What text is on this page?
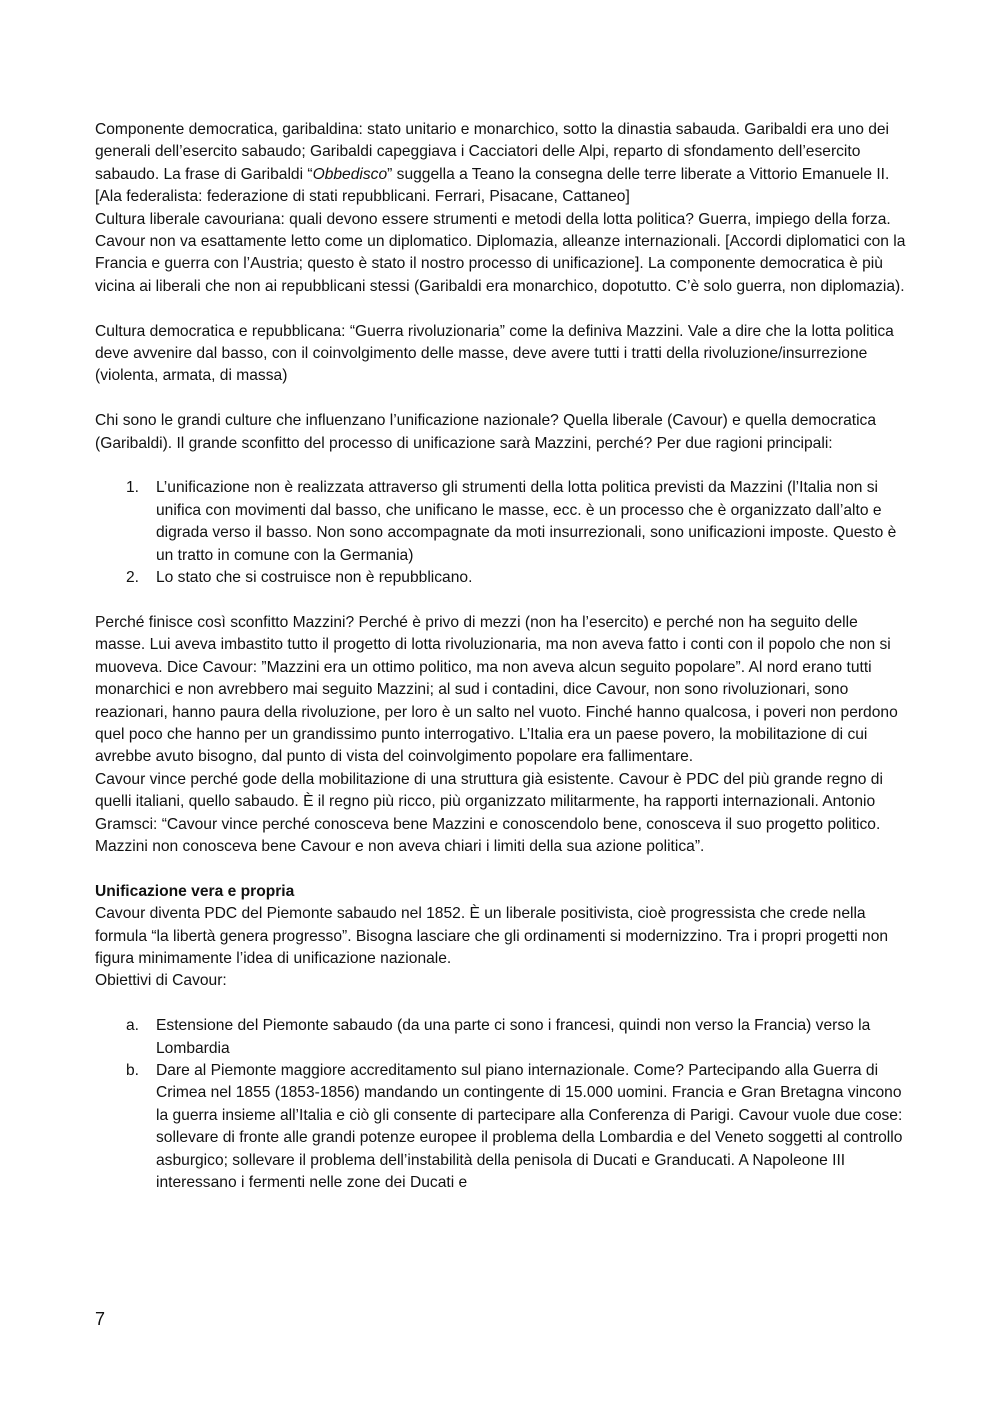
Componente democratica, garibaldina: stato unitario e monarchico, sotto la dinastia sabauda. Garibaldi era uno dei generali dell’esercito sabaudo; Garibaldi capeggiava i Cacciatori delle Alpi, reparto di sfondamento dell’esercito sabaudo. La frase di Garibaldi “Obbedisco” suggella a Teano la consegna delle terre liberate a Vittorio Emanuele II. [Ala federalista: federazione di stati repubblicani. Ferrari, Pisacane, Cattaneo]

Cultura liberale cavouriana: quali devono essere strumenti e metodi della lotta politica? Guerra, impiego della forza. Cavour non va esattamente letto come un diplomatico. Diplomazia, alleanze internazionali. [Accordi diplomatici con la Francia e guerra con l’Austria; questo è stato il nostro processo di unificazione]. La componente democratica è più vicina ai liberali che non ai repubblicani stessi (Garibaldi era monarchico, dopotutto. C’è solo guerra, non diplomazia).

Cultura democratica e repubblicana: “Guerra rivoluzionaria” come la definiva Mazzini. Vale a dire che la lotta politica deve avvenire dal basso, con il coinvolgimento delle masse, deve avere tutti i tratti della rivoluzione/insurrezione (violenta, armata, di massa)

Chi sono le grandi culture che influenzano l’unificazione nazionale? Quella liberale (Cavour) e quella democratica (Garibaldi). Il grande sconfitto del processo di unificazione sarà Mazzini, perché? Per due ragioni principali:

1. L’unificazione non è realizzata attraverso gli strumenti della lotta politica previsti da Mazzini (l’Italia non si unifica con movimenti dal basso, che unificano le masse, ecc. è un processo che è organizzato dall’alto e digrada verso il basso. Non sono accompagnate da moti insurrezionali, sono unificazioni imposte. Questo è un tratto in comune con la Germania)
2. Lo stato che si costruisce non è repubblicano.

Perché finisce così sconfitto Mazzini? Perché è privo di mezzi (non ha l’esercito) e perché non ha seguito delle masse. Lui aveva imbastito tutto il progetto di lotta rivoluzionaria, ma non aveva fatto i conti con il popolo che non si muoveva. Dice Cavour: ”Mazzini era un ottimo politico, ma non aveva alcun seguito popolare”. Al nord erano tutti monarchici e non avrebbero mai seguito Mazzini; al sud i contadini, dice Cavour, non sono rivoluzionari, sono reazionari, hanno paura della rivoluzione, per loro è un salto nel vuoto. Finché hanno qualcosa, i poveri non perdono quel poco che hanno per un grandissimo punto interrogativo. L’Italia era un paese povero, la mobilitazione di cui avrebbe avuto bisogno, dal punto di vista del coinvolgimento popolare era fallimentare.

Cavour vince perché gode della mobilitazione di una struttura già esistente. Cavour è PDC del più grande regno di quelli italiani, quello sabaudo. È il regno più ricco, più organizzato militarmente, ha rapporti internazionali. Antonio Gramsci: “Cavour vince perché conosceva bene Mazzini e conoscendolo bene, conosceva il suo progetto politico. Mazzini non conosceva bene Cavour e non aveva chiari i limiti della sua azione politica”.

Unificazione vera e propria

Cavour diventa PDC del Piemonte sabaudo nel 1852. È un liberale positivista, cioè progressista che crede nella formula “la libertà genera progresso”. Bisogna lasciare che gli ordinamenti si modernizzino. Tra i propri progetti non figura minimamente l’idea di unificazione nazionale.

Obiettivi di Cavour:

a. Estensione del Piemonte sabaudo (da una parte ci sono i francesi, quindi non verso la Francia) verso la Lombardia
b. Dare al Piemonte maggiore accreditamento sul piano internazionale. Come? Partecipando alla Guerra di Crimea nel 1855 (1853-1856) mandando un contingente di 15.000 uomini. Francia e Gran Bretagna vincono la guerra insieme all’Italia e ciò gli consente di partecipare alla Conferenza di Parigi. Cavour vuole due cose: sollevare di fronte alle grandi potenze europee il problema della Lombardia e del Veneto soggetti al controllo asburgico; sollevare il problema dell’instabilità della penisola di Ducati e Granducati. A Napoleone III interessano i fermenti nelle zone dei Ducati e
7
